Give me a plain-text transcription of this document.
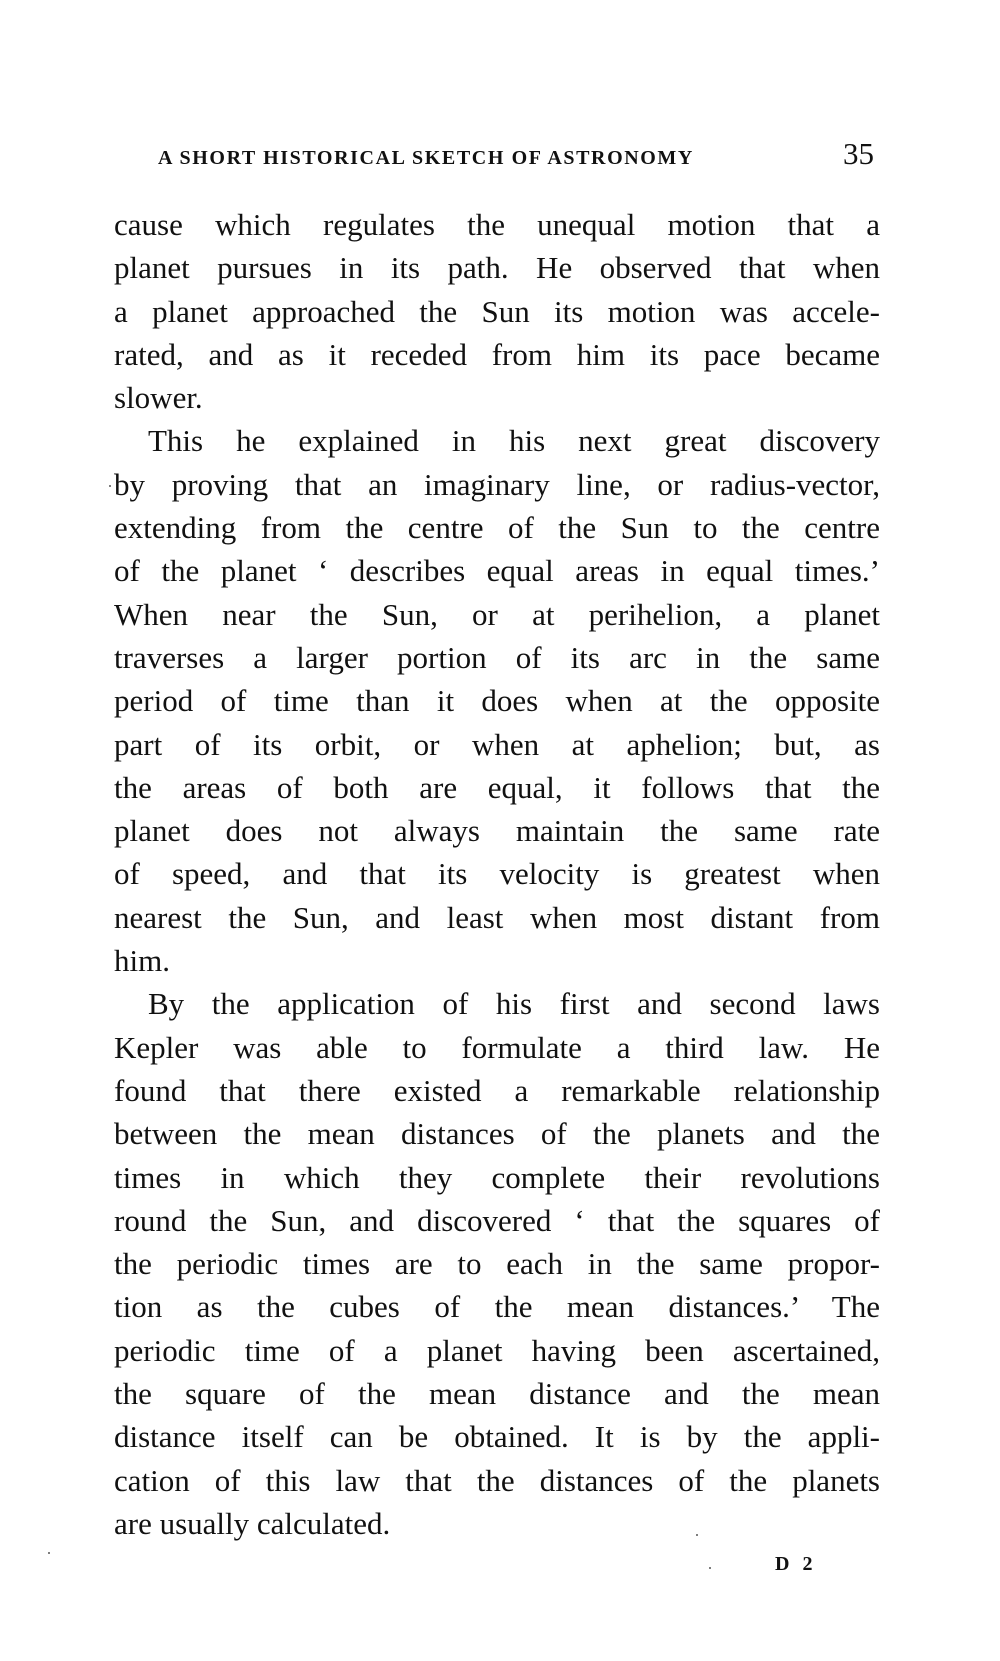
A SHORT HISTORICAL SKETCH OF ASTRONOMY	35
cause which regulates the unequal motion that a
planet pursues in its path. He observed that when
a planet approached the Sun its motion was accele-
rated, and as it receded from him its pace became
slower.
This he explained in his next great discovery
by proving that an imaginary line, or radius-vector,
extending from the centre of the Sun to the centre
of the planet ‘ describes equal areas in equal times.’
When near the Sun, or at perihelion, a planet
traverses a larger portion of its arc in the same
period of time than it does when at the opposite
part of its orbit, or when at aphelion; but, as
the areas of both are equal, it follows that the
planet does not always maintain the same rate
of speed, and that its velocity is greatest when
nearest the Sun, and least when most distant from
him.
By the application of his first and second laws
Kepler was able to formulate a third law. He
found that there existed a remarkable relationship
between the mean distances of the planets and the
times in which they complete their revolutions
round the Sun, and discovered ‘ that the squares of
the periodic times are to each in the same propor-
tion as the cubes of the mean distances.’ The
periodic time of a planet having been ascertained,
the square of the mean distance and the mean
distance itself can be obtained. It is by the appli-
cation of this law that the distances of the planets
are usually calculated.
D 2
